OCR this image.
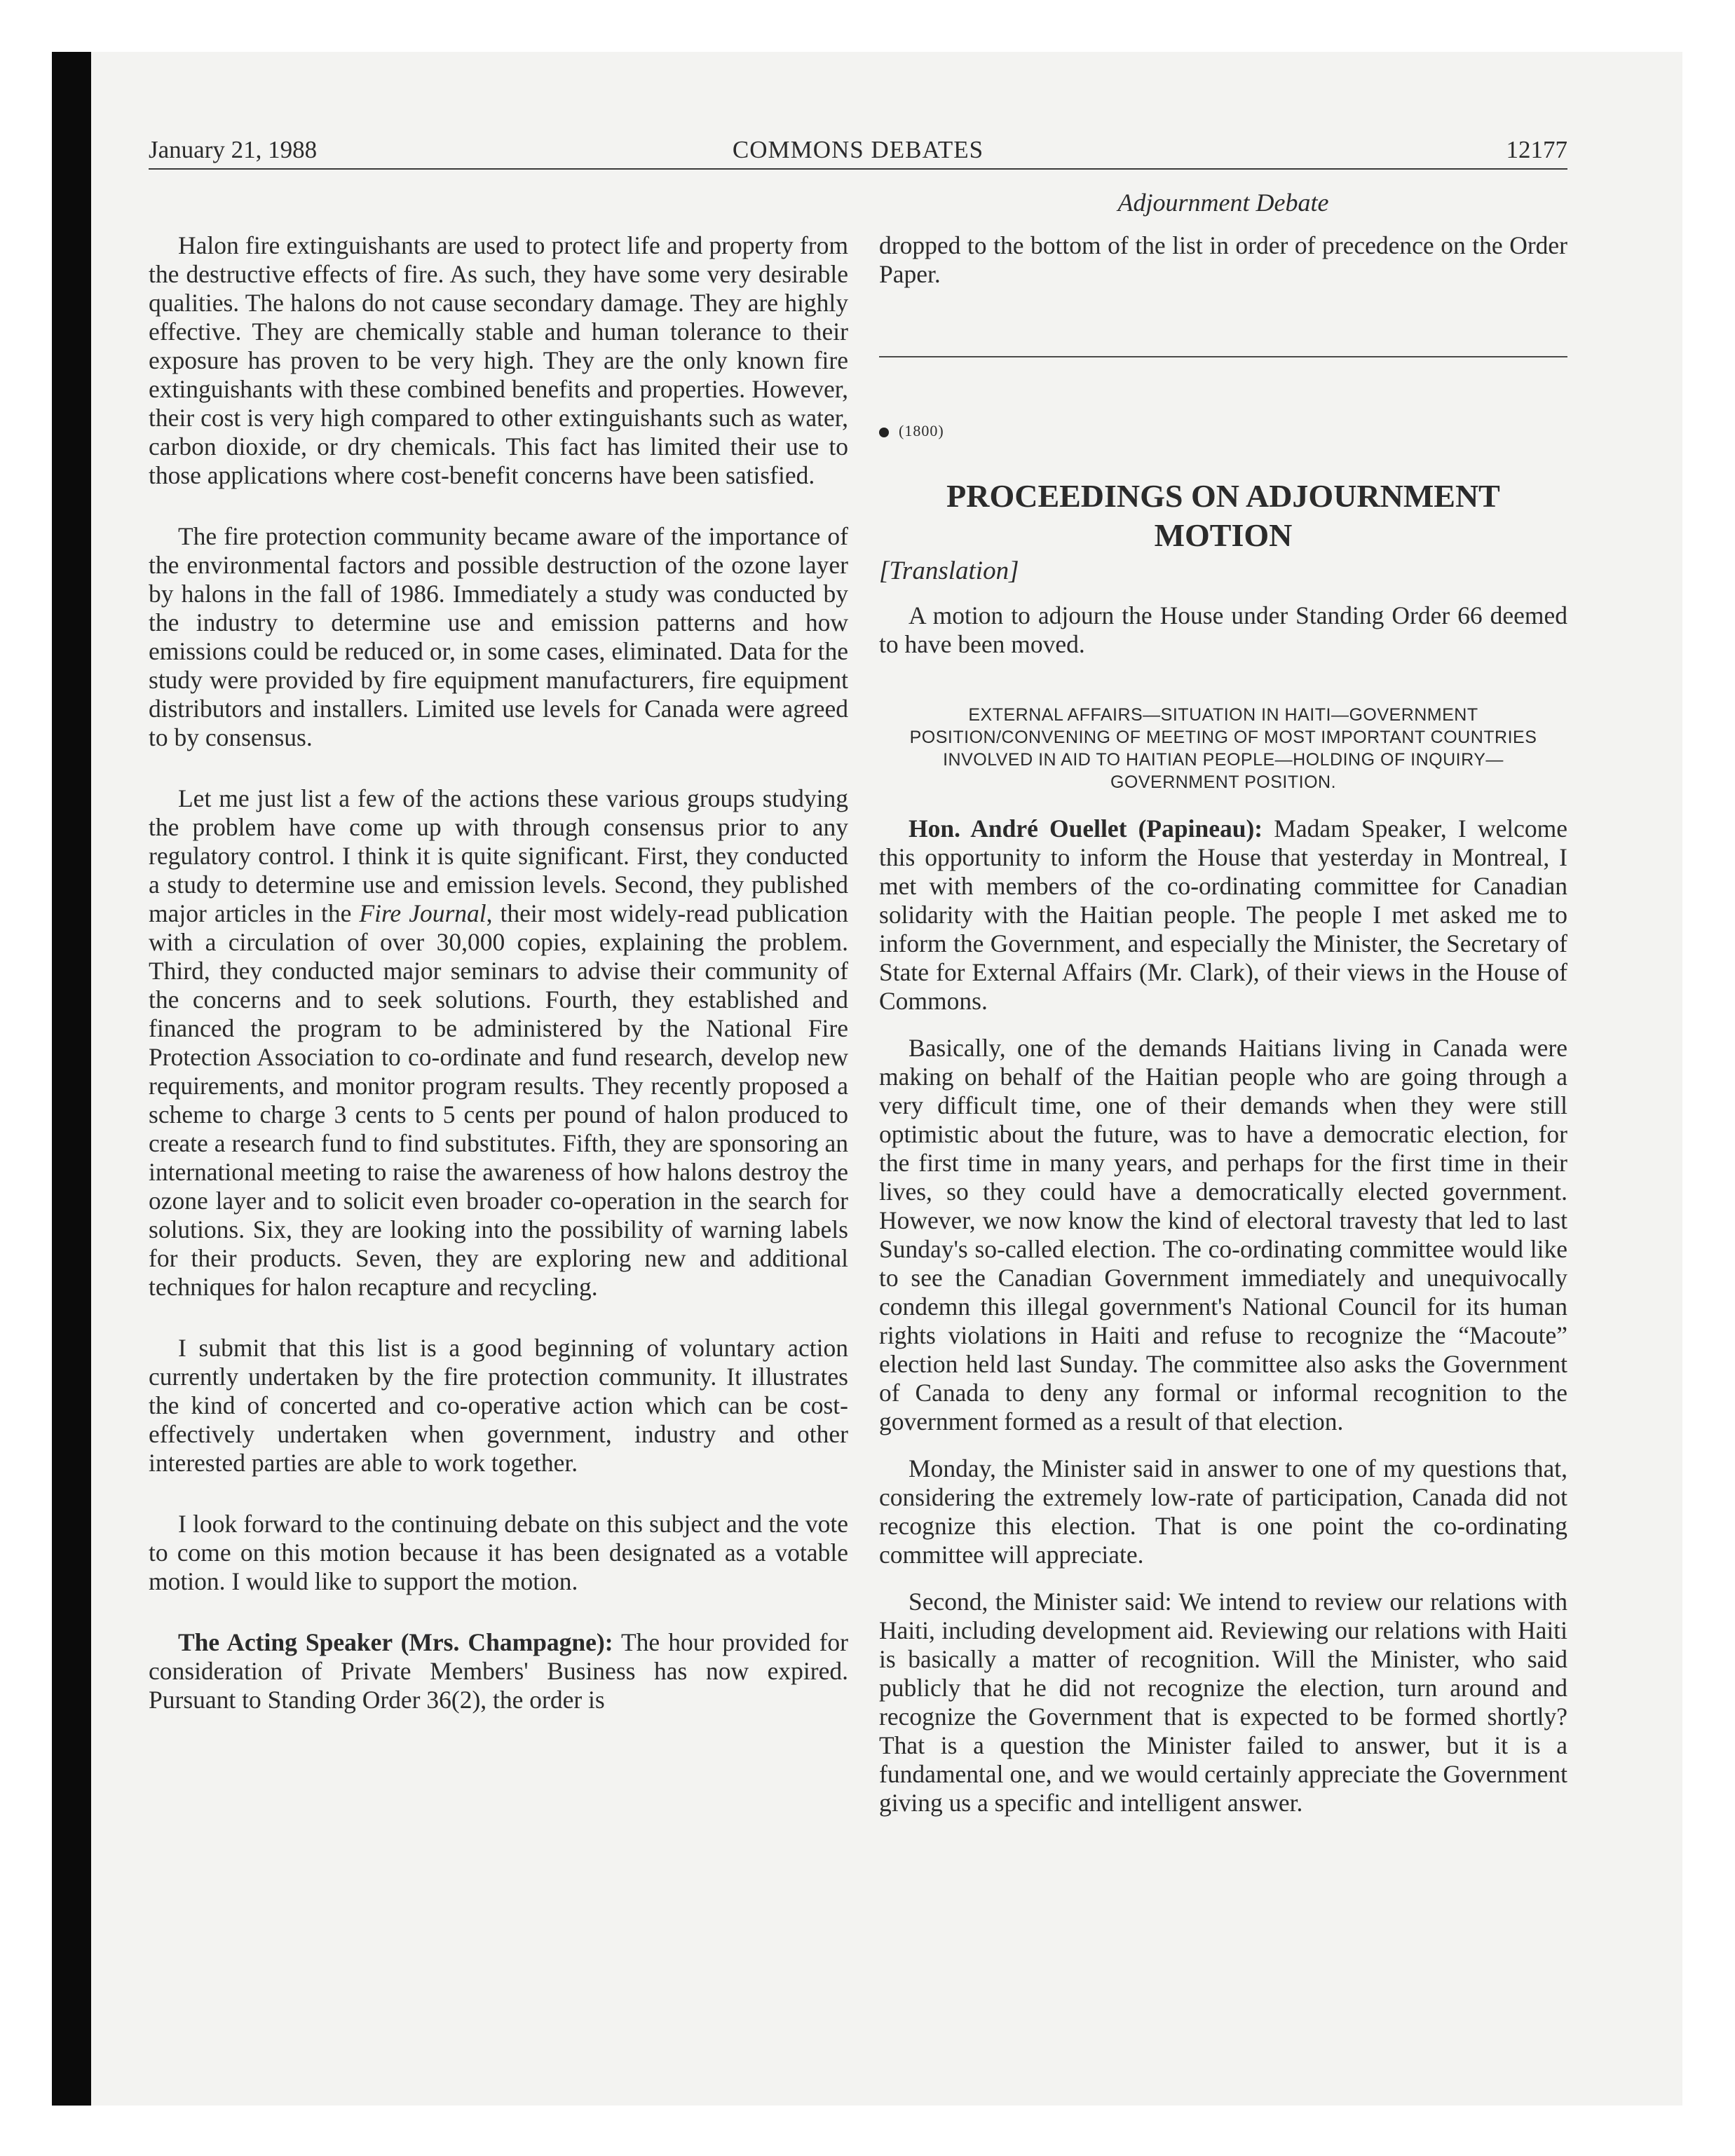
January 21, 1988	COMMONS DEBATES	12177

Halon fire extinguishants are used to protect life and property from the destructive effects of fire. As such, they have some very desirable qualities. The halons do not cause secondary damage. They are highly effective. They are chemically stable and human tolerance to their exposure has proven to be very high. They are the only known fire extinguishants with these combined benefits and properties. However, their cost is very high compared to other extinguishants such as water, carbon dioxide, or dry chemicals. This fact has limited their use to those applications where cost-benefit concerns have been satisfied.

The fire protection community became aware of the importance of the environmental factors and possible destruction of the ozone layer by halons in the fall of 1986. Immediately a study was conducted by the industry to determine use and emission patterns and how emissions could be reduced or, in some cases, eliminated. Data for the study were provided by fire equipment manufacturers, fire equipment distributors and installers. Limited use levels for Canada were agreed to by consensus.

Let me just list a few of the actions these various groups studying the problem have come up with through consensus prior to any regulatory control. I think it is quite significant. First, they conducted a study to determine use and emission levels. Second, they published major articles in the Fire Journal, their most widely-read publication with a circulation of over 30,000 copies, explaining the problem. Third, they conducted major seminars to advise their community of the concerns and to seek solutions. Fourth, they established and financed the program to be administered by the National Fire Protection Association to co-ordinate and fund research, develop new requirements, and monitor program results. They recently proposed a scheme to charge 3 cents to 5 cents per pound of halon produced to create a research fund to find substitutes. Fifth, they are sponsoring an international meeting to raise the awareness of how halons destroy the ozone layer and to solicit even broader co-operation in the search for solutions. Six, they are looking into the possibility of warning labels for their products. Seven, they are exploring new and additional techniques for halon recapture and recycling.

I submit that this list is a good beginning of voluntary action currently undertaken by the fire protection community. It illustrates the kind of concerted and co-operative action which can be cost-effectively undertaken when government, industry and other interested parties are able to work together.

I look forward to the continuing debate on this subject and the vote to come on this motion because it has been designated as a votable motion. I would like to support the motion.

The Acting Speaker (Mrs. Champagne): The hour provided for consideration of Private Members' Business has now expired. Pursuant to Standing Order 36(2), the order is

Adjournment Debate

dropped to the bottom of the list in order of precedence on the Order Paper.

(1800)
PROCEEDINGS ON ADJOURNMENT MOTION
[Translation]

A motion to adjourn the House under Standing Order 66 deemed to have been moved.

EXTERNAL AFFAIRS—SITUATION IN HAITI—GOVERNMENT POSITION/CONVENING OF MEETING OF MOST IMPORTANT COUNTRIES INVOLVED IN AID TO HAITIAN PEOPLE—HOLDING OF INQUIRY—GOVERNMENT POSITION.

Hon. André Ouellet (Papineau): Madam Speaker, I welcome this opportunity to inform the House that yesterday in Montreal, I met with members of the co-ordinating committee for Canadian solidarity with the Haitian people. The people I met asked me to inform the Government, and especially the Minister, the Secretary of State for External Affairs (Mr. Clark), of their views in the House of Commons.

Basically, one of the demands Haitians living in Canada were making on behalf of the Haitian people who are going through a very difficult time, one of their demands when they were still optimistic about the future, was to have a democratic election, for the first time in many years, and perhaps for the first time in their lives, so they could have a democratically elected government. However, we now know the kind of electoral travesty that led to last Sunday's so-called election. The co-ordinating committee would like to see the Canadian Government immediately and unequivocally condemn this illegal government's National Council for its human rights violations in Haiti and refuse to recognize the “Macoute” election held last Sunday. The committee also asks the Government of Canada to deny any formal or informal recognition to the government formed as a result of that election.

Monday, the Minister said in answer to one of my questions that, considering the extremely low-rate of participation, Canada did not recognize this election. That is one point the co-ordinating committee will appreciate.

Second, the Minister said: We intend to review our relations with Haiti, including development aid. Reviewing our relations with Haiti is basically a matter of recognition. Will the Minister, who said publicly that he did not recognize the election, turn around and recognize the Government that is expected to be formed shortly? That is a question the Minister failed to answer, but it is a fundamental one, and we would certainly appreciate the Government giving us a specific and intelligent answer.
